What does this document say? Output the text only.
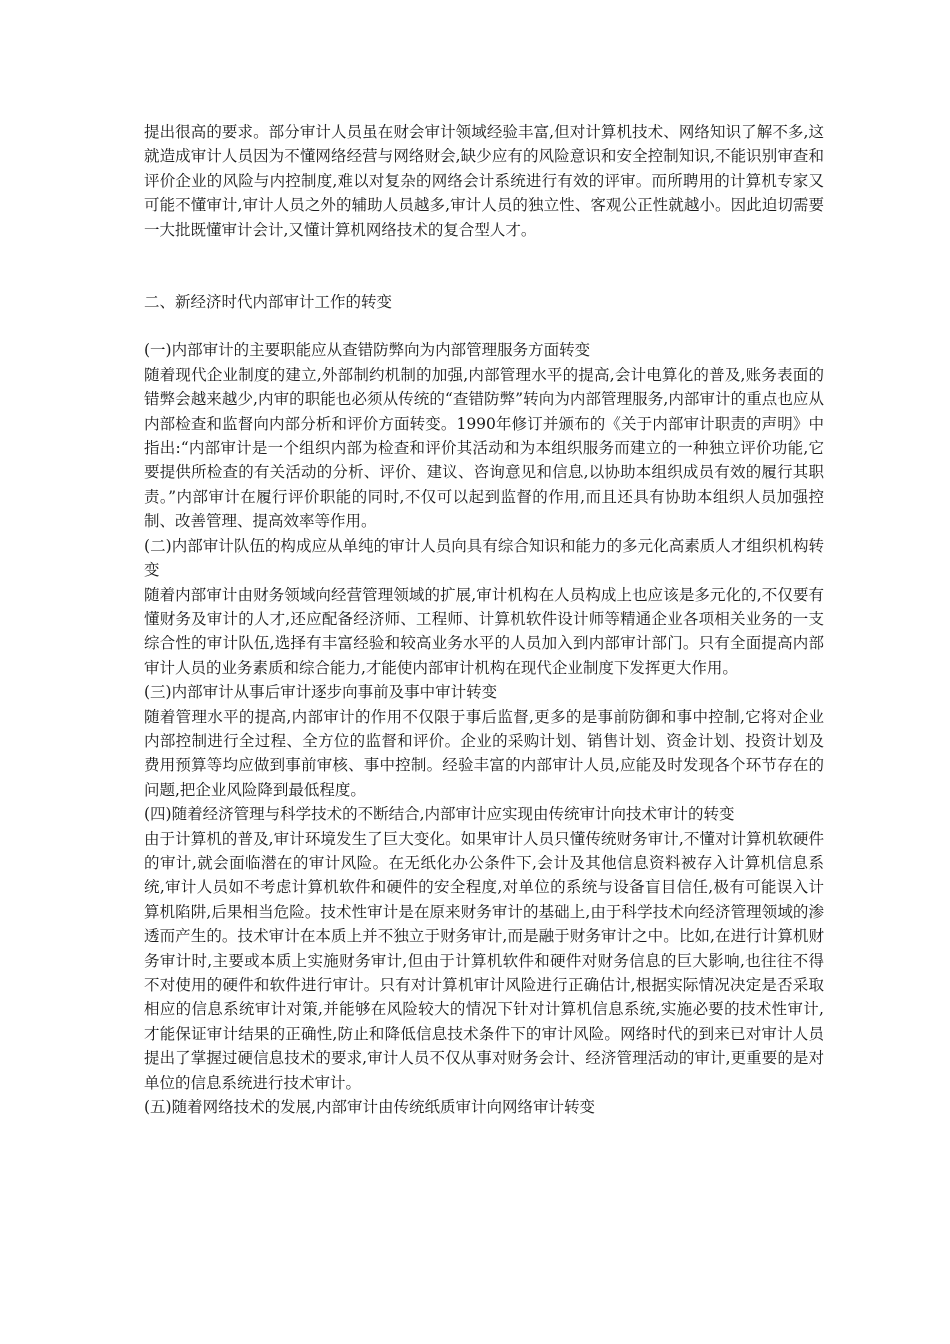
提出很高的要求。部分审计人员虽在财会审计领域经验丰富,但对计算机技术、网络知识了解不多,这就造成审计人员因为不懂网络经营与网络财会,缺少应有的风险意识和安全控制知识,不能识别审查和评价企业的风险与内控制度,难以对复杂的网络会计系统进行有效的评审。而所聘用的计算机专家又可能不懂审计,审计人员之外的辅助人员越多,审计人员的独立性、客观公正性就越小。因此迫切需要一大批既懂审计会计,又懂计算机网络技术的复合型人才。

二、新经济时代内部审计工作的转变

(一)内部审计的主要职能应从查错防弊向为内部管理服务方面转变

随着现代企业制度的建立,外部制约机制的加强,内部管理水平的提高,会计电算化的普及,账务表面的错弊会越来越少,内审的职能也必须从传统的“查错防弊”转向为内部管理服务,内部审计的重点也应从内部检查和监督向内部分析和评价方面转变。1990年修订并颁布的《关于内部审计职责的声明》中指出:“内部审计是一个组织内部为检查和评价其活动和为本组织服务而建立的一种独立评价功能,它要提供所检查的有关活动的分析、评价、建议、咨询意见和信息,以协助本组织成员有效的履行其职责。”内部审计在履行评价职能的同时,不仅可以起到监督的作用,而且还具有协助本组织人员加强控制、改善管理、提高效率等作用。

(二)内部审计队伍的构成应从单纯的审计人员向具有综合知识和能力的多元化高素质人才组织机构转变

随着内部审计由财务领域向经营管理领域的扩展,审计机构在人员构成上也应该是多元化的,不仅要有懂财务及审计的人才,还应配备经济师、工程师、计算机软件设计师等精通企业各项相关业务的一支综合性的审计队伍,选择有丰富经验和较高业务水平的人员加入到内部审计部门。只有全面提高内部审计人员的业务素质和综合能力,才能使内部审计机构在现代企业制度下发挥更大作用。

(三)内部审计从事后审计逐步向事前及事中审计转变

随着管理水平的提高,内部审计的作用不仅限于事后监督,更多的是事前防御和事中控制,它将对企业内部控制进行全过程、全方位的监督和评价。企业的采购计划、销售计划、资金计划、投资计划及费用预算等均应做到事前审核、事中控制。经验丰富的内部审计人员,应能及时发现各个环节存在的问题,把企业风险降到最低程度。

(四)随着经济管理与科学技术的不断结合,内部审计应实现由传统审计向技术审计的转变

由于计算机的普及,审计环境发生了巨大变化。如果审计人员只懂传统财务审计,不懂对计算机软硬件的审计,就会面临潜在的审计风险。在无纸化办公条件下,会计及其他信息资料被存入计算机信息系统,审计人员如不考虑计算机软件和硬件的安全程度,对单位的系统与设备盲目信任,极有可能误入计算机陷阱,后果相当危险。技术性审计是在原来财务审计的基础上,由于科学技术向经济管理领域的渗透而产生的。技术审计在本质上并不独立于财务审计,而是融于财务审计之中。比如,在进行计算机财务审计时,主要或本质上实施财务审计,但由于计算机软件和硬件对财务信息的巨大影响,也往往不得不对使用的硬件和软件进行审计。只有对计算机审计风险进行正确估计,根据实际情况决定是否采取相应的信息系统审计对策,并能够在风险较大的情况下针对计算机信息系统,实施必要的技术性审计,才能保证审计结果的正确性,防止和降低信息技术条件下的审计风险。网络时代的到来已对审计人员提出了掌握过硬信息技术的要求,审计人员不仅从事对财务会计、经济管理活动的审计,更重要的是对单位的信息系统进行技术审计。

(五)随着网络技术的发展,内部审计由传统纸质审计向网络审计转变
